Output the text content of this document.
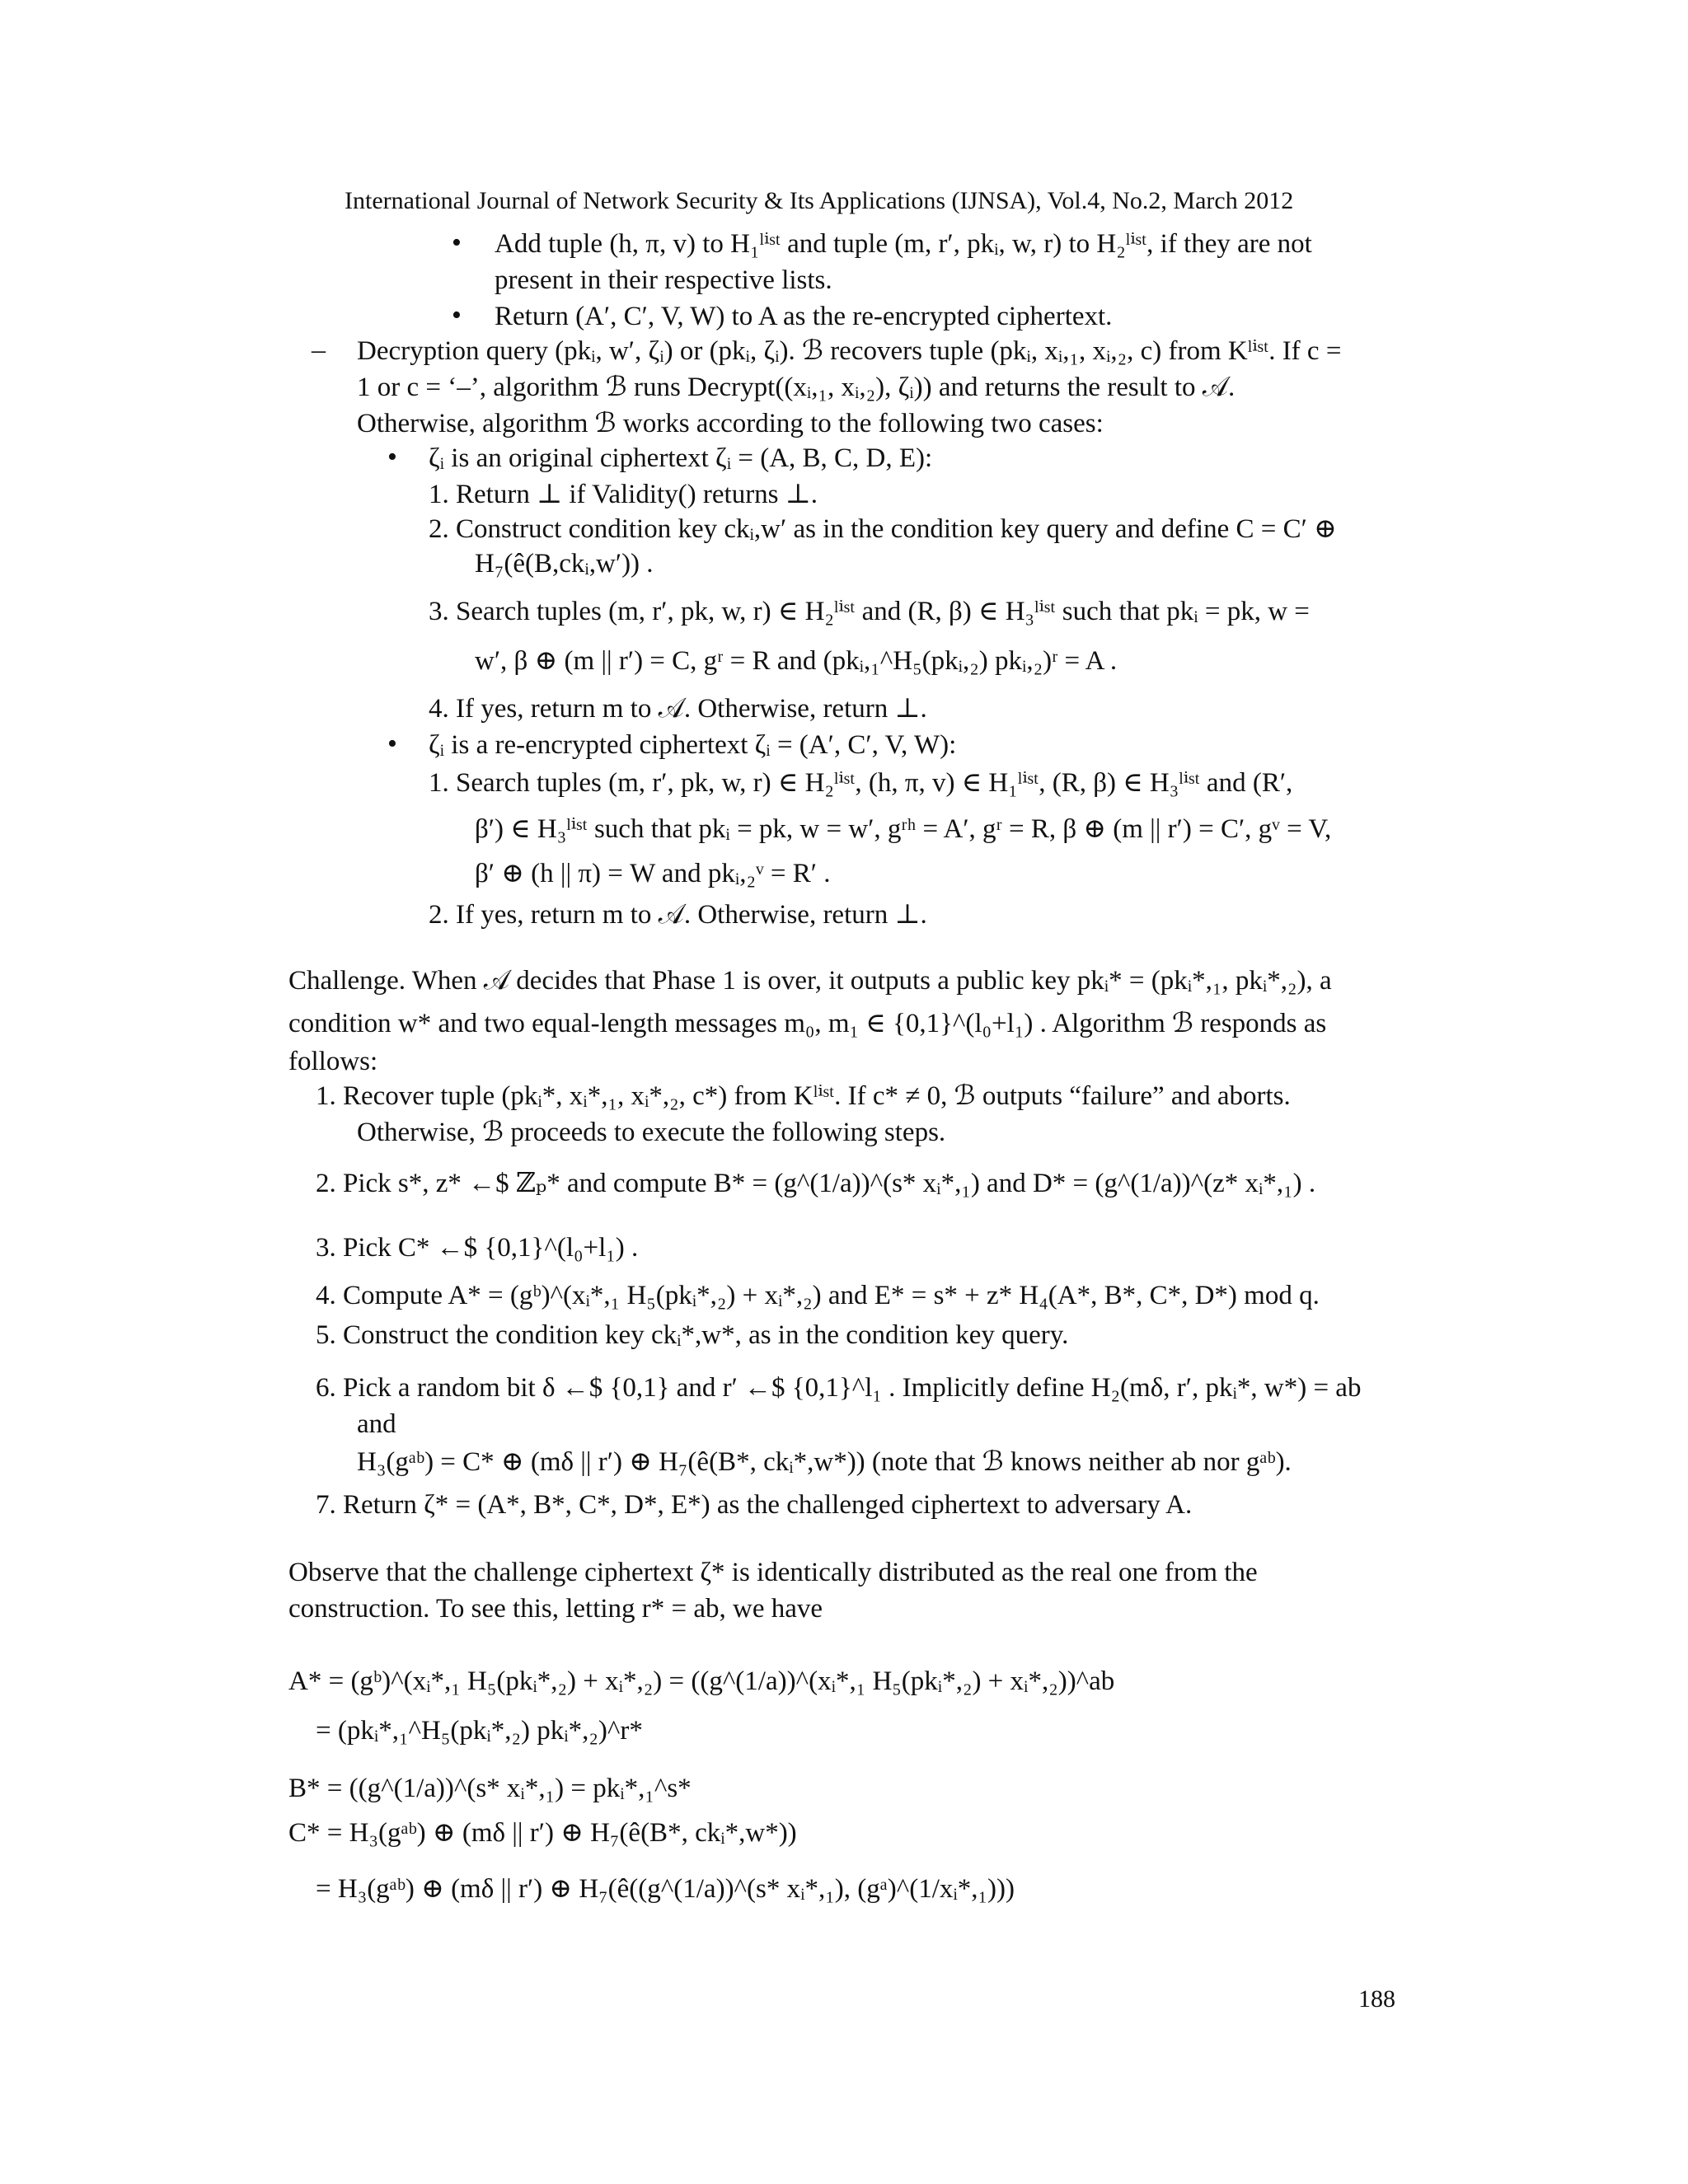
International Journal of Network Security & Its Applications (IJNSA), Vol.4, No.2, March 2012
• Add tuple (h, π, v) to H₁ˡⁱˢᵗ and tuple (m, r′, pkᵢ, w, r) to H₂ˡⁱˢᵗ, if they are not
present in their respective lists.
• Return (A′, C′, V, W) to A as the re-encrypted ciphertext.
– Decryption query (pkᵢ, w′, ζᵢ) or (pkᵢ, ζᵢ). ℬ recovers tuple (pkᵢ, xᵢ,₁, xᵢ,₂, c) from Kˡⁱˢᵗ. If c =
1 or c = ‘–’, algorithm ℬ runs Decrypt((xᵢ,₁, xᵢ,₂), ζᵢ)) and returns the result to 𝒜.
Otherwise, algorithm ℬ works according to the following two cases:
• ζᵢ is an original ciphertext ζᵢ = (A, B, C, D, E):
1. Return ⊥ if Validity() returns ⊥.
2. Construct condition key ckᵢ,w′ as in the condition key query and define C = C′ ⊕
H₇(ê(B,ckᵢ,w′)) .
3. Search tuples (m, r′, pk, w, r) ∈ H₂ˡⁱˢᵗ and (R, β) ∈ H₃ˡⁱˢᵗ such that pkᵢ = pk, w =
w′, β ⊕ (m || r′) = C, gʳ = R and (pkᵢ,₁^H₅(pkᵢ,₂) pkᵢ,₂)ʳ = A .
4. If yes, return m to 𝒜. Otherwise, return ⊥.
• ζᵢ is a re-encrypted ciphertext ζᵢ = (A′, C′, V, W):
1. Search tuples (m, r′, pk, w, r) ∈ H₂ˡⁱˢᵗ, (h, π, v) ∈ H₁ˡⁱˢᵗ, (R, β) ∈ H₃ˡⁱˢᵗ and (R′,
β′) ∈ H₃ˡⁱˢᵗ such that pkᵢ = pk, w = w′, gʳʰ = A′, gʳ = R, β ⊕ (m || r′) = C′, gᵛ = V,
β′ ⊕ (h || π) = W and pkᵢ,₂ᵛ = R′ .
2. If yes, return m to 𝒜. Otherwise, return ⊥.
Challenge. When 𝒜 decides that Phase 1 is over, it outputs a public key pkᵢ* = (pkᵢ*,₁, pkᵢ*,₂), a
condition w* and two equal-length messages m₀, m₁ ∈ {0,1}^(l₀+l₁) . Algorithm ℬ responds as
follows:
1. Recover tuple (pkᵢ*, xᵢ*,₁, xᵢ*,₂, c*) from Kˡⁱˢᵗ. If c* ≠ 0, ℬ outputs “failure” and aborts.
Otherwise, ℬ proceeds to execute the following steps.
2. Pick s*, z* ←$ ℤₚ* and compute B* = (g^(1/a))^(s* xᵢ*,₁) and D* = (g^(1/a))^(z* xᵢ*,₁) .
3. Pick C* ←$ {0,1}^(l₀+l₁) .
4. Compute A* = (gᵇ)^(xᵢ*,₁ H₅(pkᵢ*,₂) + xᵢ*,₂) and E* = s* + z* H₄(A*, B*, C*, D*) mod q.
5. Construct the condition key ckᵢ*,w*, as in the condition key query.
6. Pick a random bit δ ←$ {0,1} and r′ ←$ {0,1}^l₁ . Implicitly define H₂(mδ, r′, pkᵢ*, w*) = ab
and
H₃(gᵃᵇ) = C* ⊕ (mδ || r′) ⊕ H₇(ê(B*, ckᵢ*,w*)) (note that ℬ knows neither ab nor gᵃᵇ).
7. Return ζ* = (A*, B*, C*, D*, E*) as the challenged ciphertext to adversary A.
Observe that the challenge ciphertext ζ* is identically distributed as the real one from the
construction. To see this, letting r* = ab, we have
A* = (gᵇ)^(xᵢ*,₁ H₅(pkᵢ*,₂) + xᵢ*,₂) = ((g^(1/a))^(xᵢ*,₁ H₅(pkᵢ*,₂) + xᵢ*,₂))^ab
= (pkᵢ*,₁^H₅(pkᵢ*,₂) pkᵢ*,₂)^r*
B* = ((g^(1/a))^(s* xᵢ*,₁) = pkᵢ*,₁^s*
C* = H₃(gᵃᵇ) ⊕ (mδ || r′) ⊕ H₇(ê(B*, ckᵢ*,w*))
= H₃(gᵃᵇ) ⊕ (mδ || r′) ⊕ H₇(ê((g^(1/a))^(s* xᵢ*,₁), (gᵃ)^(1/xᵢ*,₁)))
188
